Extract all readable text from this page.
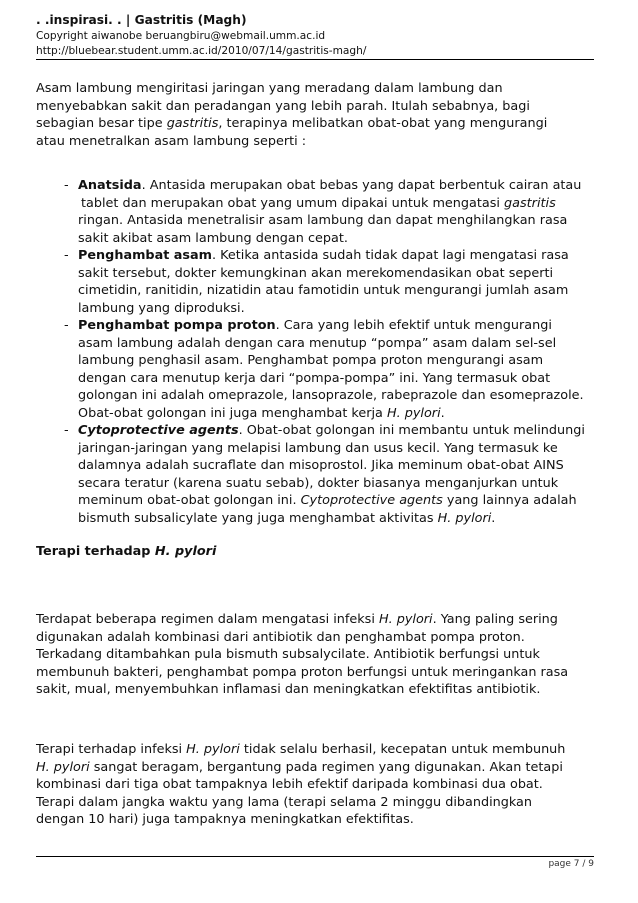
. .inspirasi. . | Gastritis (Magh)
Copyright aiwanobe beruangbiru@webmail.umm.ac.id
http://bluebear.student.umm.ac.id/2010/07/14/gastritis-magh/

Asam lambung mengiritasi jaringan yang meradang dalam lambung dan

menyebabkan sakit dan peradangan yang lebih parah. Itulah sebabnya, bagi

sebagian besar tipe gastritis, terapinya melibatkan obat-obat yang mengurangi

atau menetralkan asam lambung seperti :

- Anatsida. Antasida merupakan obat bebas yang dapat berbentuk cairan atau

tablet dan merupakan obat yang umum dipakai untuk mengatasi gastritis

ringan. Antasida menetralisir asam lambung dan dapat menghilangkan rasa

sakit akibat asam lambung dengan cepat.

- Penghambat asam. Ketika antasida sudah tidak dapat lagi mengatasi rasa

sakit tersebut, dokter kemungkinan akan merekomendasikan obat seperti

cimetidin, ranitidin, nizatidin atau famotidin untuk mengurangi jumlah asam

lambung yang diproduksi.

- Penghambat pompa proton. Cara yang lebih efektif untuk mengurangi

asam lambung adalah dengan cara menutup “pompa” asam dalam sel-sel

lambung penghasil asam. Penghambat pompa proton mengurangi asam

dengan cara menutup kerja dari “pompa-pompa” ini. Yang termasuk obat

golongan ini adalah omeprazole, lansoprazole, rabeprazole dan esomeprazole.

Obat-obat golongan ini juga menghambat kerja H. pylori.

- Cytoprotective agents. Obat-obat golongan ini membantu untuk melindungi

jaringan-jaringan yang melapisi lambung dan usus kecil. Yang termasuk ke

dalamnya adalah sucraflate dan misoprostol. Jika meminum obat-obat AINS

secara teratur (karena suatu sebab), dokter biasanya menganjurkan untuk

meminum obat-obat golongan ini. Cytoprotective agents yang lainnya adalah

bismuth subsalicylate yang juga menghambat aktivitas H. pylori.

Terapi terhadap H. pylori

Terdapat beberapa regimen dalam mengatasi infeksi H. pylori. Yang paling sering

digunakan adalah kombinasi dari antibiotik dan penghambat pompa proton.

Terkadang ditambahkan pula bismuth subsalycilate. Antibiotik berfungsi untuk

membunuh bakteri, penghambat pompa proton berfungsi untuk meringankan rasa

sakit, mual, menyembuhkan inflamasi dan meningkatkan efektifitas antibiotik.

Terapi terhadap infeksi H. pylori tidak selalu berhasil, kecepatan untuk membunuh

H. pylori sangat beragam, bergantung pada regimen yang digunakan. Akan tetapi

kombinasi dari tiga obat tampaknya lebih efektif daripada kombinasi dua obat.

Terapi dalam jangka waktu yang lama (terapi selama 2 minggu dibandingkan

dengan 10 hari) juga tampaknya meningkatkan efektifitas.

page 7 / 9
